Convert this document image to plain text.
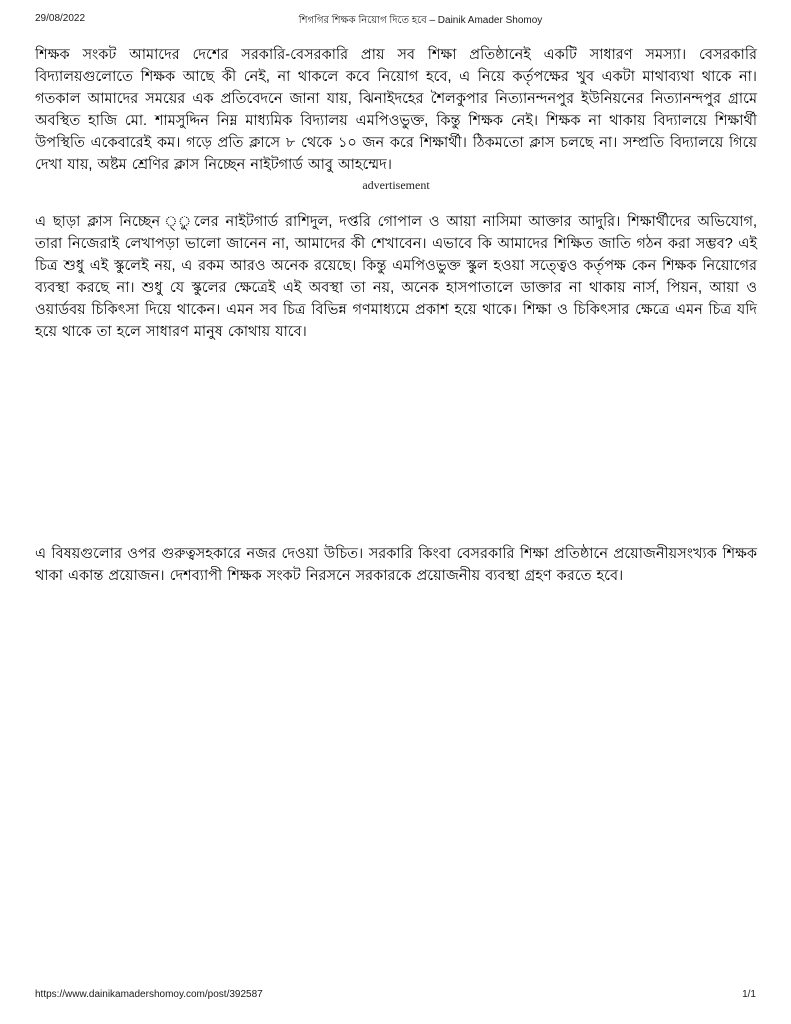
29/08/2022	শিগগির শিক্ষক নিয়োগ দিতে হবে – Dainik Amader Shomoy

শিক্ষক সংকট আমাদের দেশের সরকারি-বেসরকারি প্রায় সব শিক্ষা প্রতিষ্ঠানেই একটি সাধারণ সমস্যা। বেসরকারি বিদ্যালয়গুলোতে শিক্ষক আছে কী নেই, না থাকলে কবে নিয়োগ হবে, এ নিয়ে কর্তৃপক্ষের খুব একটা মাথাব্যথা থাকে না। গতকাল আমাদের সময়ের এক প্রতিবেদনে জানা যায়, ঝিনাইদহের শৈলকুপার নিত্যানন্দনপুর ইউনিয়নের নিত্যানন্দপুর গ্রামে অবস্থিত হাজি মো. শামসুদ্দিন নিম্ন মাধ্যমিক বিদ্যালয় এমপিওভুক্ত, কিন্তু শিক্ষক নেই। শিক্ষক না থাকায় বিদ্যালয়ে শিক্ষার্থী উপস্থিতি একেবারেই কম। গড়ে প্রতি ক্লাসে ৮ থেকে ১০ জন করে শিক্ষার্থী। ঠিকমতো ক্লাস চলছে না। সম্প্রতি বিদ্যালয়ে গিয়ে দেখা যায়, অষ্টম শ্রেণির ক্লাস নিচ্ছেন নাইটগার্ড আবু আহম্মেদ।

advertisement

এ ছাড়া ক্লাস নিচ্ছেন ্ুলের নাইটগার্ড রাশিদুল, দপ্তরি গোপাল ও আয়া নাসিমা আক্তার আদুরি। শিক্ষার্থীদের অভিযোগ, তারা নিজেরাই লেখাপড়া ভালো জানেন না, আমাদের কী শেখাবেন। এভাবে কি আমাদের শিক্ষিত জাতি গঠন করা সম্ভব? এই চিত্র শুধু এই স্কুলেই নয়, এ রকম আরও অনেক রয়েছে। কিন্তু এমপিওভুক্ত স্কুল হওয়া সত্ত্বেও কর্তৃপক্ষ কেন শিক্ষক নিয়োগের ব্যবস্থা করছে না। শুধু যে স্কুলের ক্ষেত্রেই এই অবস্থা তা নয়, অনেক হাসপাতালে ডাক্তার না থাকায় নার্স, পিয়ন, আয়া ও ওয়ার্ডবয় চিকিৎসা দিয়ে থাকেন। এমন সব চিত্র বিভিন্ন গণমাধ্যমে প্রকাশ হয়ে থাকে। শিক্ষা ও চিকিৎসার ক্ষেত্রে এমন চিত্র যদি হয়ে থাকে তা হলে সাধারণ মানুষ কোথায় যাবে।

এ বিষয়গুলোর ওপর গুরুত্বসহকারে নজর দেওয়া উচিত। সরকারি কিংবা বেসরকারি শিক্ষা প্রতিষ্ঠানে প্রয়োজনীয়সংখ্যক শিক্ষক থাকা একান্ত প্রয়োজন। দেশব্যাপী শিক্ষক সংকট নিরসনে সরকারকে প্রয়োজনীয় ব্যবস্থা গ্রহণ করতে হবে।

https://www.dainikamadershomoy.com/post/392587	1/1
